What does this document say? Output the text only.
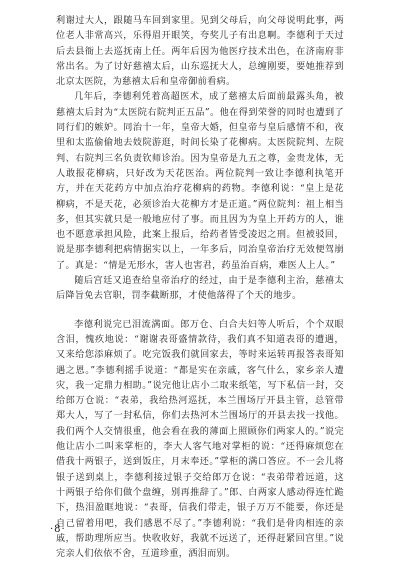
利谢过大人，跟随马车回到家里。见到父母后，向父母说明此事，两位老人非常高兴，乐得眉开眼笑，夸奖儿子有出息啊。李德利于天过后去县衙上去巡抚南上任。两年后因为他医疗技术出色，在济南府非常出名。为了讨好慈禧太后，山东巡抚大人，总缠刚要，要她推荐到北京太医院，为慈禧太后和皇帝御前看病。

几年后，李德利凭着高超医术，成了慈禧太后面前最露头角，被慈禧太后封为“太医院右院判正五品”。他在得到荣誉的同时也遭到了同行们的嫉妒。同治十一年，皇帝大婚，但皇帝与皇后感情不和，夜里和太监偷偷地去妓院游逛，时间长染了花柳病。太医院院判、左院判、右院判三名负责钦师诊治。因为皇帝是九五之尊，金贵龙体，无人敢报花柳病，只好改为天花医治。两位院判一致让李德利执笔开方，并在天花药方中加点治疗花柳病的药物。李德利说：“皇上是花柳病，不是天花，必须诊治大花柳方才是正道。”两位院判：祖上相当多，但其实就只是一般地应付了事。而且因为为皇上开药方的人，谁也不愿意承担风险，此案上报后，给药者皆受凌迟之刑。但被驳回，说是那李德利把病情据实以上，一年多后，同治皇帝治疗无效便驾崩了。真是：“情是无形水，害人也害君，药虽治百病，难医人上人。”

随后宫廷又追查给皇帝治疗的经过，由于是李德利主治，慈禧太后降旨免去官职，罚李截断那，才使他落得了个天的地步。

李德利说完已泪流满面。郎万仓、白合夫妇等人听后，个个双眼含泪，愧疚地说：“谢谢表哥盛情款待，我们真不知道表哥的遭遇，又来给您添麻烦了。吃完饭我们就回家去，等时来运转再报答表哥知遇之恩。”李德利摇手说道：“都是实在亲戚，客气什么，家乡亲人遭灾，我一定鼎力相助。”说完他让店小二取来纸笔，写下私信一封，交给郎万仓说：“表弟，我给热河巡抚，本兰围场厅开县主管，总管带郑大人，写了一封私信，你们去热河木兰围场厅的开县去找一找他。我们两个人交情很重，他会看在我的薄面上照顾你们两家人的。”说完他让店小二叫来掌柜的，李大人客气地对掌柜的说：“还得麻烦您在借我十两银子，送到饭庄，月末奉还。”掌柜的满口答应。不一会儿将银子送到桌上，李德利接过银子交给郎万仓说：“表弟带着远道，这十两银子给你们做个盘缠，别再推辞了。”郎、白两家人感动得连忙跪下，热泪盈眶地说：“表哥，信我们带走，银子万万不能要，你还是自己留着用吧，我们感恩不尽了。”李德利说：“我们是骨肉相连的亲戚，帮助理所应当。快收收好，我就不远送了，还得赶紧回宫里。”说完亲人们依依不舍，互道珍重，洒泪而别。

·8·
